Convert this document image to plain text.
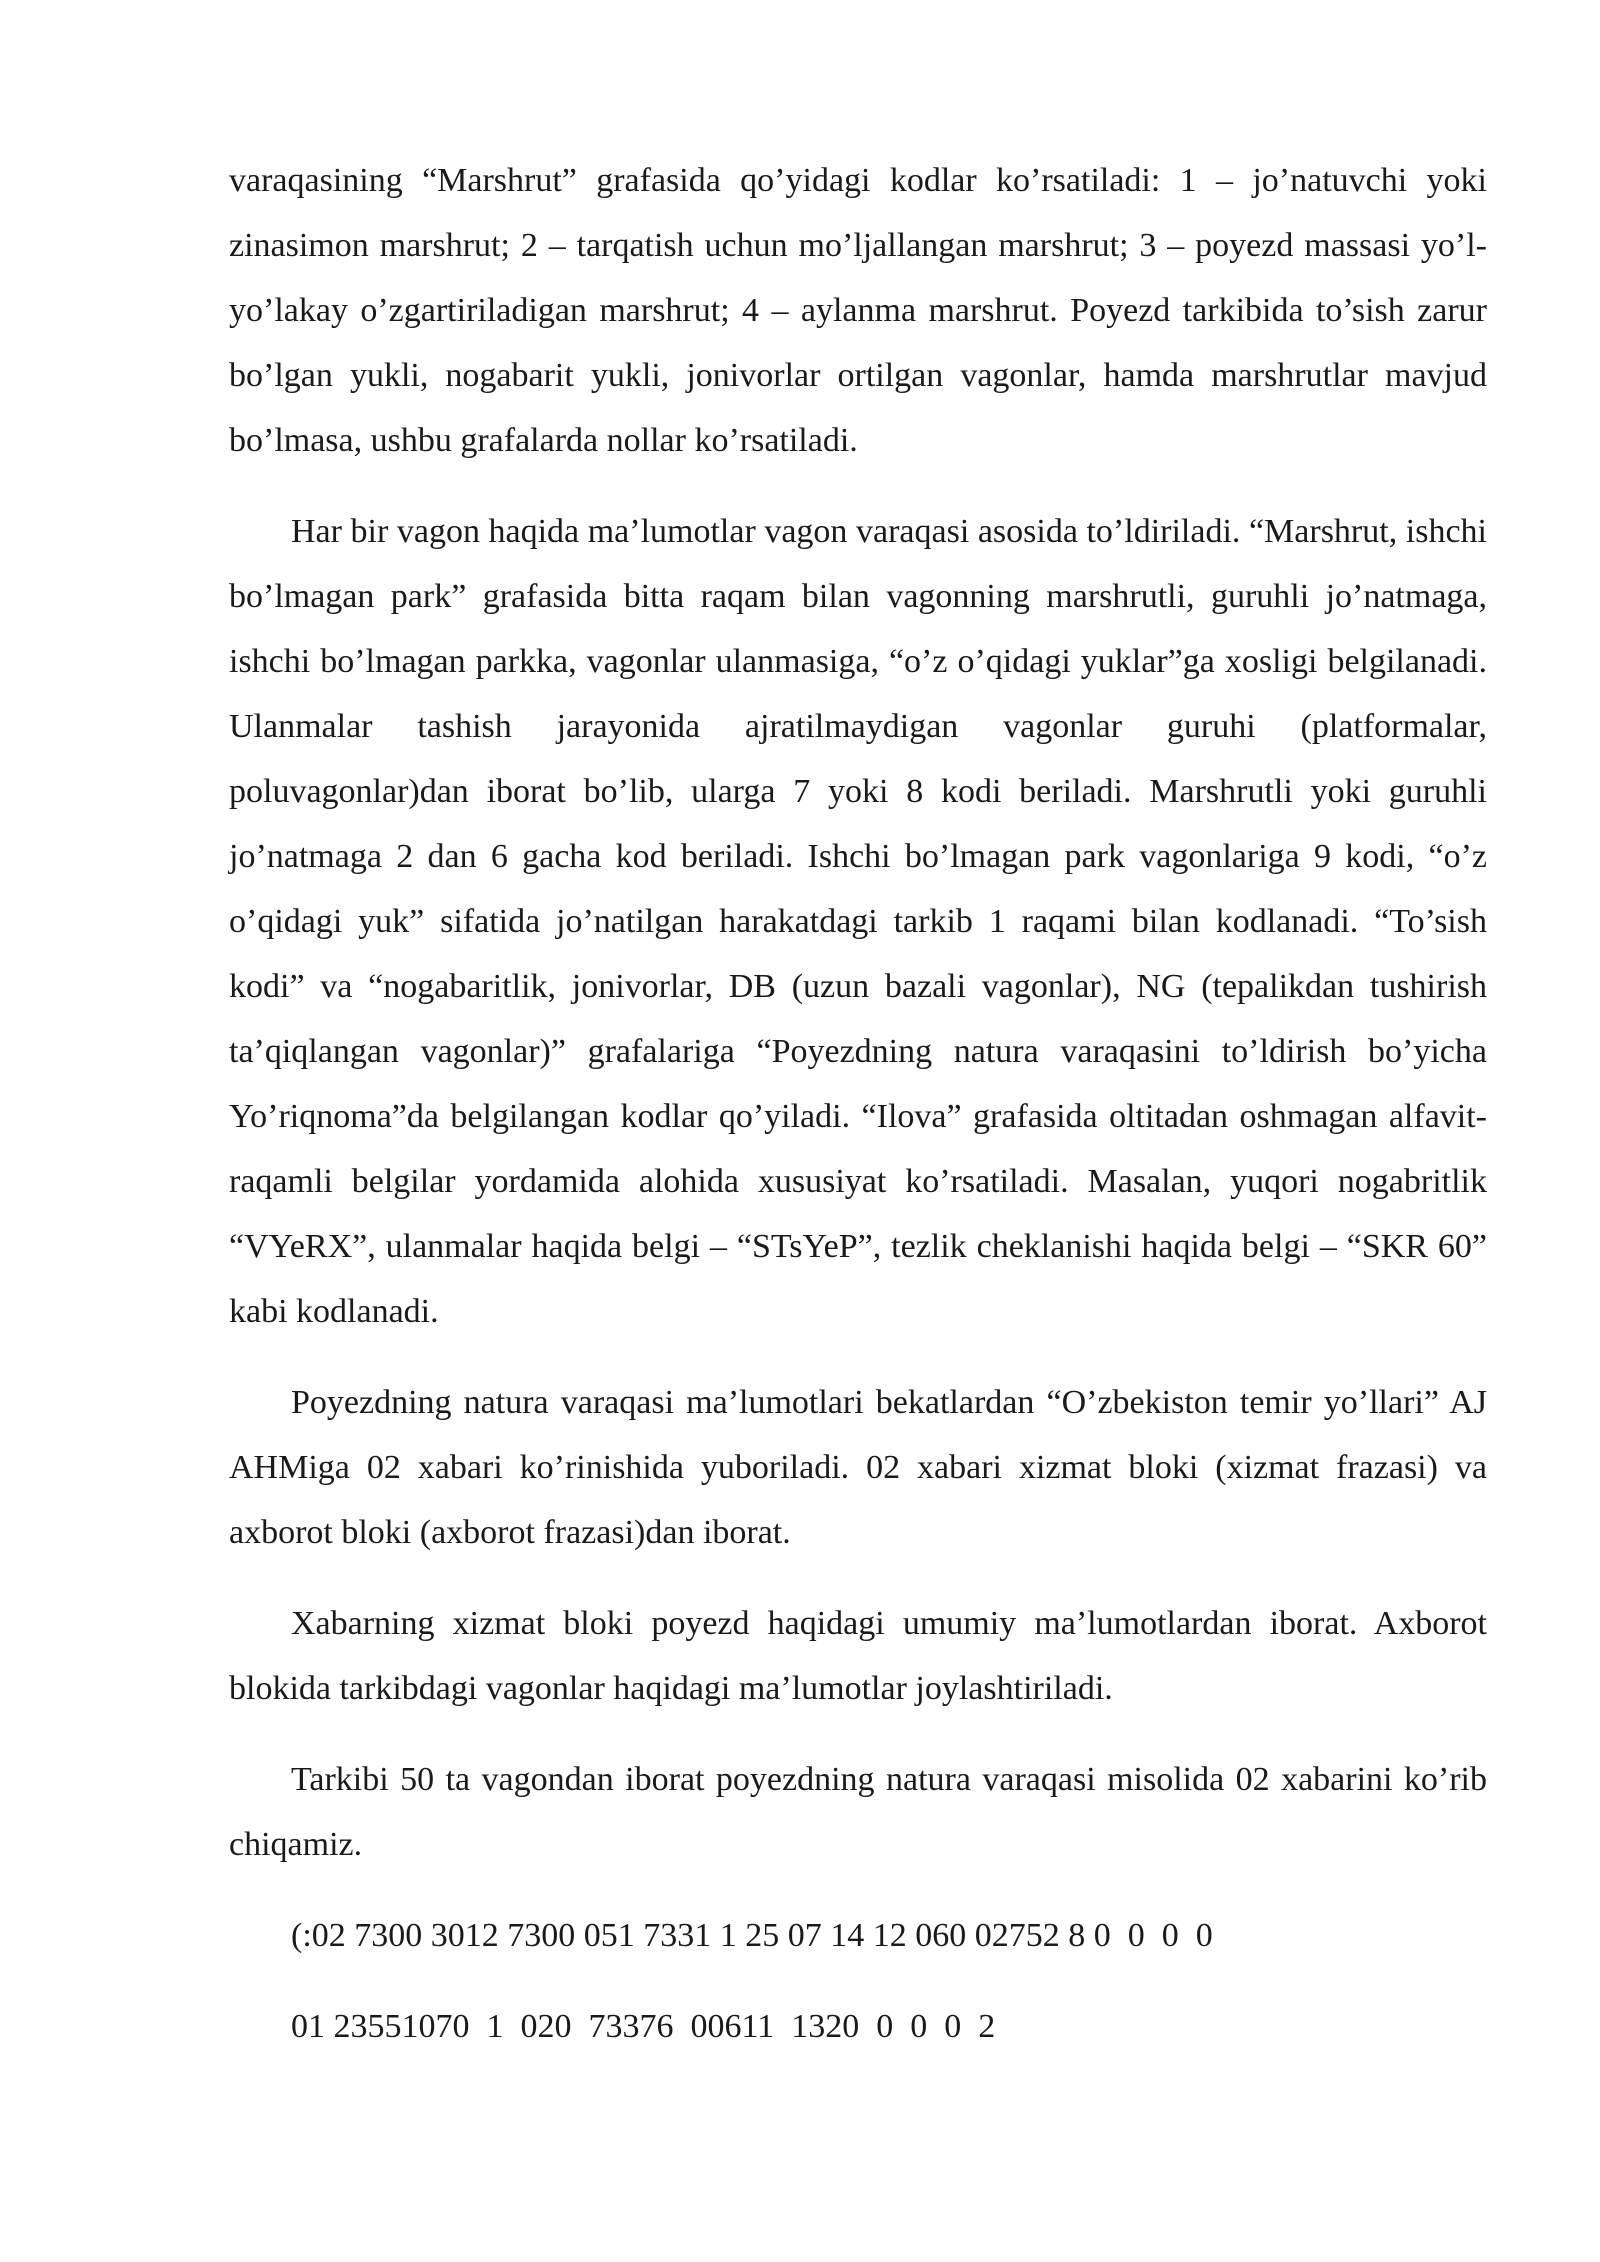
varaqasining “Marshrut” grafasida qo’yidagi kodlar ko’rsatiladi: 1 – jo’natuvchi yoki zinasimon marshrut; 2 – tarqatish uchun mo’ljallangan marshrut; 3 – poyezd massasi yo’l-yo’lakay o’zgartiriladigan marshrut; 4 – aylanma marshrut. Poyezd tarkibida to’sish zarur bo’lgan yukli, nogabarit yukli, jonivorlar ortilgan vagonlar, hamda marshrutlar mavjud bo’lmasa, ushbu grafalarda nollar ko’rsatiladi.

Har bir vagon haqida ma’lumotlar vagon varaqasi asosida to’ldiriladi. “Marshrut, ishchi bo’lmagan park” grafasida bitta raqam bilan vagonning marshrutli, guruhli jo’natmaga, ishchi bo’lmagan parkka, vagonlar ulanmasiga, “o’z o’qidagi yuklar”ga xosligi belgilanadi. Ulanmalar tashish jarayonida ajratilmaydigan vagonlar guruhi (platformalar, poluvagonlar)dan iborat bo’lib, ularga 7 yoki 8 kodi beriladi. Marshrutli yoki guruhli jo’natmaga 2 dan 6 gacha kod beriladi. Ishchi bo’lmagan park vagonlariga 9 kodi, “o’z o’qidagi yuk” sifatida jo’natilgan harakatdagi tarkib 1 raqami bilan kodlanadi. “To’sish kodi” va “nogabaritlik, jonivorlar, DB (uzun bazali vagonlar), NG (tepalikdan tushirish ta’qiqlangan vagonlar)” grafalariga “Poyezdning natura varaqasini to’ldirish bo’yicha Yo’riqnoma”da belgilangan kodlar qo’yiladi. “Ilova” grafasida oltitadan oshmagan alfavit-raqamli belgilar yordamida alohida xususiyat ko’rsatiladi. Masalan, yuqori nogabritlik “VYeRX”, ulanmalar haqida belgi – “STsYeP”, tezlik cheklanishi haqida belgi – “SKR 60” kabi kodlanadi.

Poyezdning natura varaqasi ma’lumotlari bekatlardan “O’zbekiston temir yo’llari” AJ AHMiga 02 xabari ko’rinishida yuboriladi. 02 xabari xizmat bloki (xizmat frazasi) va axborot bloki (axborot frazasi)dan iborat.

Xabarning xizmat bloki poyezd haqidagi umumiy ma’lumotlardan iborat. Axborot blokida tarkibdagi vagonlar haqidagi ma’lumotlar joylashtiriladi.

Tarkibi 50 ta vagondan iborat poyezdning natura varaqasi misolida 02 xabarini ko’rib chiqamiz.

(:02 7300 3012 7300 051 7331 1 25 07 14 12 060 02752 8 0  0  0  0

01 23551070  1  020  73376  00611  1320  0  0  0  2
